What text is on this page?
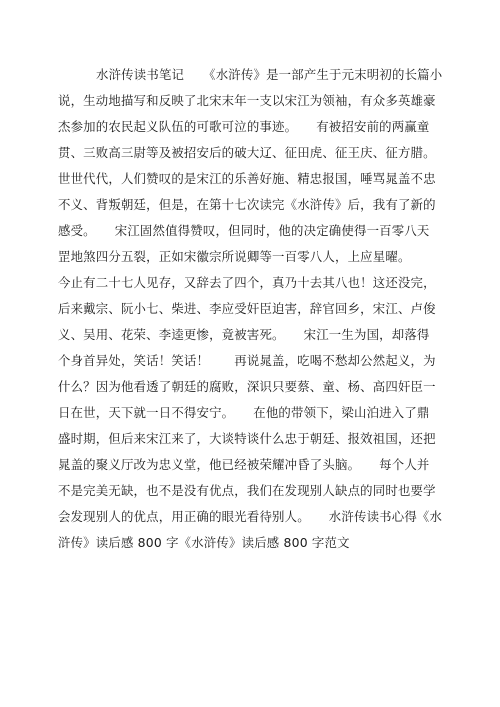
水浒传读书笔记　　《水浒传》是一部产生于元末明初的长篇小
说，生动地描写和反映了北宋末年一支以宋江为领袖，有众多英雄豪
杰参加的农民起义队伍的可歌可泣的事迹。　　有被招安前的两赢童
贯、三败高三尉等及被招安后的破大辽、征田虎、征王庆、征方腊。
世世代代，人们赞叹的是宋江的乐善好施、精忠报国，唾骂晁盖不忠
不义、背叛朝廷，但是，在第十七次读完《水浒传》后，我有了新的
感受。　　宋江固然值得赞叹，但同时，他的决定确使得一百零八天
罡地煞四分五裂，正如宋徽宗所说卿等一百零八人，上应星曜。
今止有二十七人见存，又辞去了四个，真乃十去其八也！这还没完，
后来戴宗、阮小七、柴进、李应受奸臣迫害，辞官回乡，宋江、卢俊
义、吴用、花荣、李逵更惨，竟被害死。　　宋江一生为国，却落得
个身首异处，笑话！笑话！　　再说晁盖，吃喝不愁却公然起义，为
什么？因为他看透了朝廷的腐败，深识只要蔡、童、杨、高四奸臣一
日在世，天下就一日不得安宁。　　在他的带领下，梁山泊进入了鼎
盛时期，但后来宋江来了，大谈特谈什么忠于朝廷、报效祖国，还把
晁盖的聚义厅改为忠义堂，他已经被荣耀冲昏了头脑。　　每个人并
不是完美无缺，也不是没有优点，我们在发现别人缺点的同时也要学
会发现别人的优点，用正确的眼光看待别人。　　水浒传读书心得《水
浒传》读后感 800 字《水浒传》读后感 800 字范文
